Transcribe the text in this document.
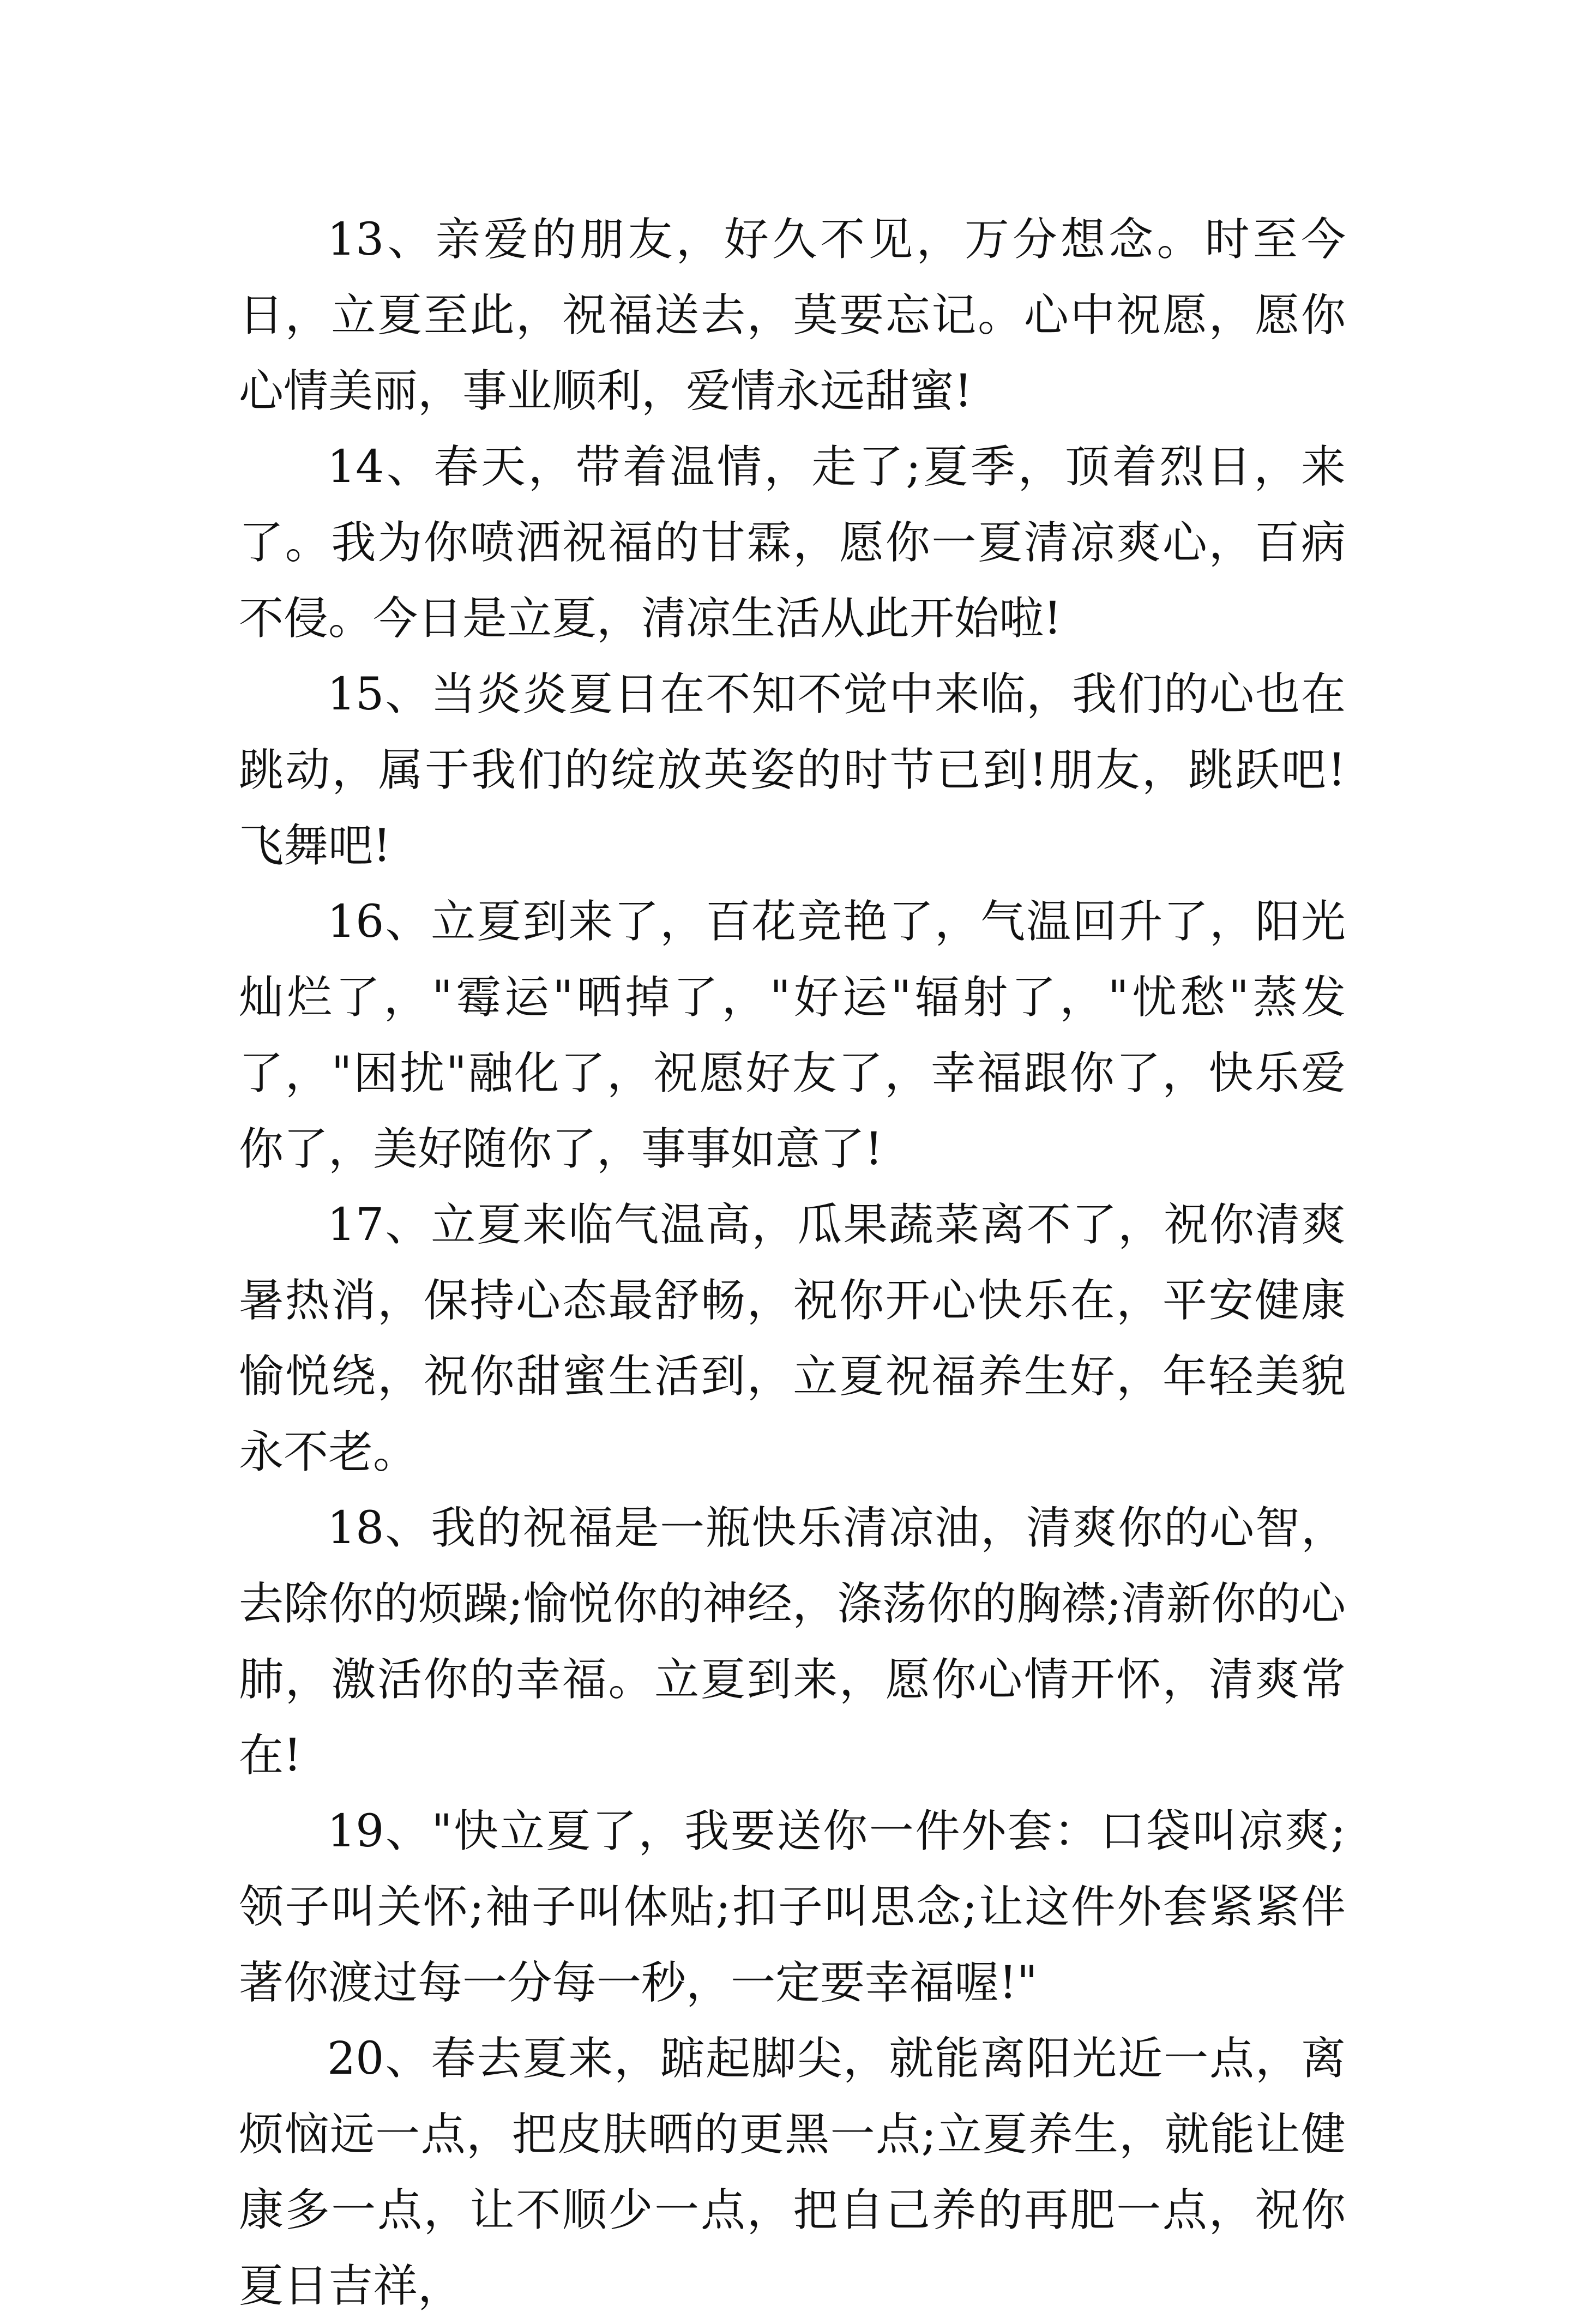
13、亲爱的朋友，好久不见，万分想念。时至今日，立夏至此，祝福送去，莫要忘记。心中祝愿，愿你心情美丽，事业顺利，爱情永远甜蜜!

14、春天，带着温情，走了;夏季，顶着烈日，来了。我为你喷洒祝福的甘霖，愿你一夏清凉爽心，百病不侵。今日是立夏，清凉生活从此开始啦!

15、当炎炎夏日在不知不觉中来临，我们的心也在跳动，属于我们的绽放英姿的时节已到!朋友，跳跃吧!飞舞吧!

16、立夏到来了，百花竞艳了，气温回升了，阳光灿烂了，"霉运"晒掉了，"好运"辐射了，"忧愁"蒸发了，"困扰"融化了，祝愿好友了，幸福跟你了，快乐爱你了，美好随你了，事事如意了!

17、立夏来临气温高，瓜果蔬菜离不了，祝你清爽暑热消，保持心态最舒畅，祝你开心快乐在，平安健康愉悦绕，祝你甜蜜生活到，立夏祝福养生好，年轻美貌永不老。

18、我的祝福是一瓶快乐清凉油，清爽你的心智，去除你的烦躁;愉悦你的神经，涤荡你的胸襟;清新你的心肺，激活你的幸福。立夏到来，愿你心情开怀，清爽常在!

19、"快立夏了，我要送你一件外套：口袋叫凉爽;领子叫关怀;袖子叫体贴;扣子叫思念;让这件外套紧紧伴著你渡过每一分每一秒，一定要幸福喔!"

20、春去夏来，踮起脚尖，就能离阳光近一点，离烦恼远一点，把皮肤晒的更黑一点;立夏养生，就能让健康多一点，让不顺少一点，把自己养的再肥一点，祝你夏日吉祥，
